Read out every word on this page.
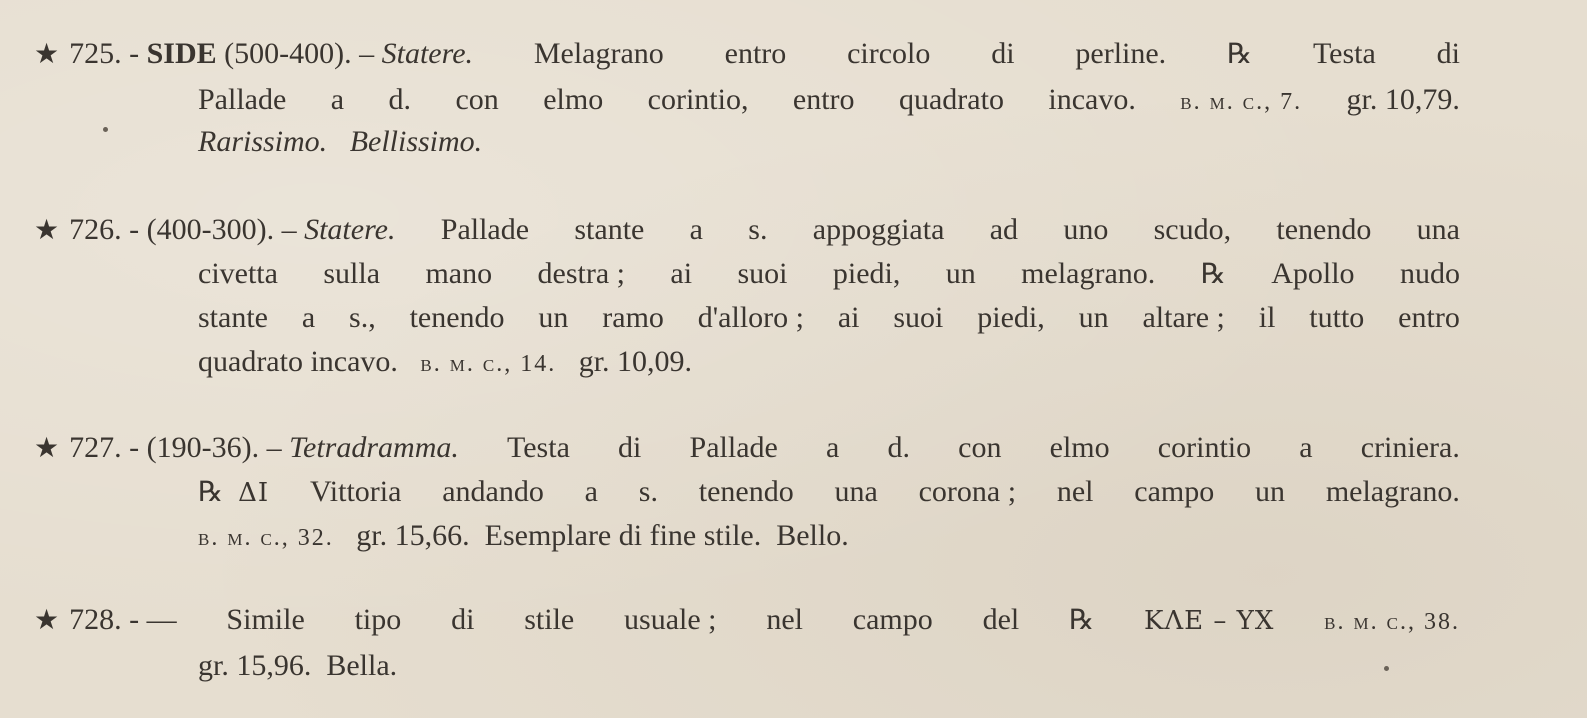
★ 725. - SIDE (500-400). – Statere. Melagrano entro circolo di perline. ℞ Testa di
Pallade a d. con elmo corintio, entro quadrato incavo. b. m. c., 7. gr. 10,79.
Rarissimo. Bellissimo.
★ 726. - (400-300). – Statere. Pallade stante a s. appoggiata ad uno scudo, tenendo una
civetta sulla mano destra ; ai suoi piedi, un melagrano. ℞ Apollo nudo
stante a s., tenendo un ramo d'alloro ; ai suoi piedi, un altare ; il tutto entro
quadrato incavo. b. m. c., 14. gr. 10,09.
★ 727. - (190-36). – Tetradramma. Testa di Pallade a d. con elmo corintio a criniera.
℞ ΔI Vittoria andando a s. tenendo una corona ; nel campo un melagrano.
b. m. c., 32. gr. 15,66. Esemplare di fine stile. Bello.
★ 728. - — Simile tipo di stile usuale ; nel campo del ℞ ΚΛΕ – ΥΧ b. m. c., 38.
gr. 15,96. Bella.
